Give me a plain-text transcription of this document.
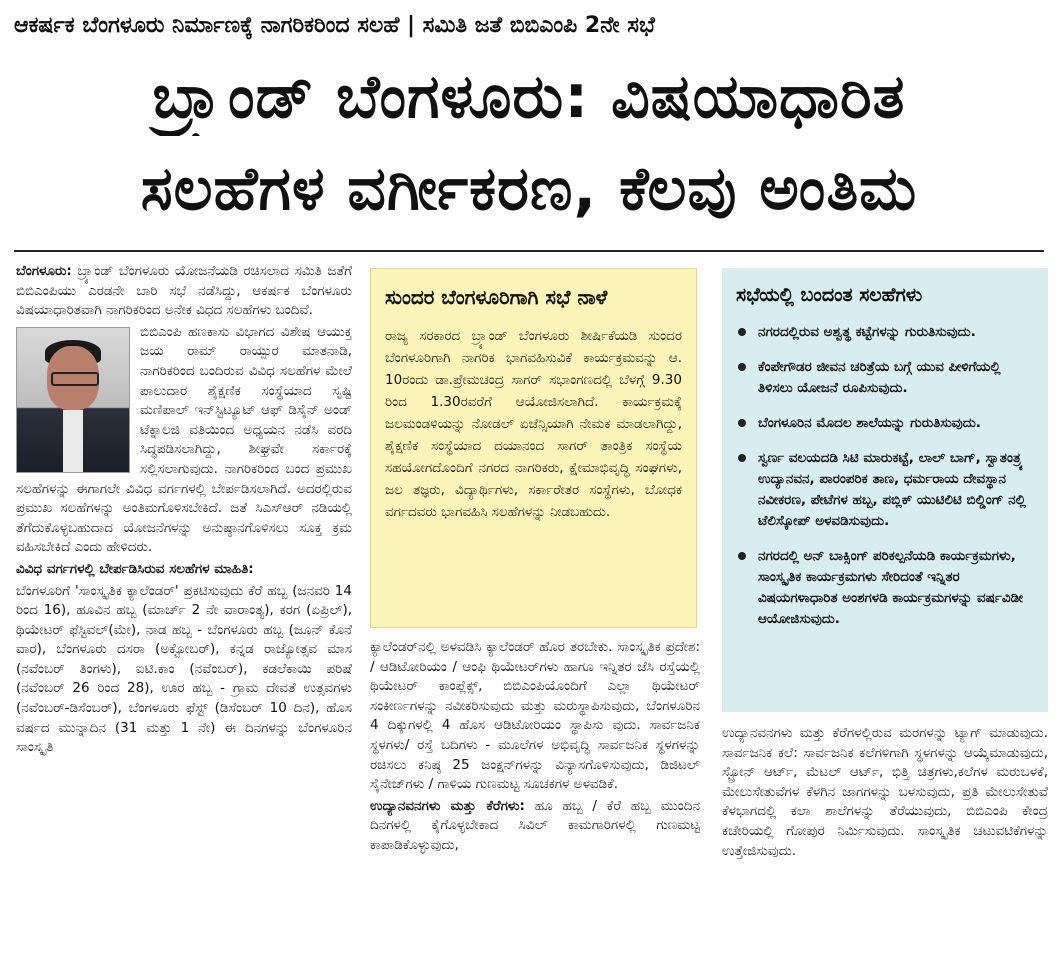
ಆಕರ್ಷಕ ಬೆಂಗಳೂರು ನಿರ್ಮಾಣಕ್ಕೆ ನಾಗರಿಕರಿಂದ ಸಲಹೆ | ಸಮಿತಿ ಜತೆ ಬಿಬಿಎಂಪಿ 2ನೇ ಸಭೆ
ಬ್ರ್ಯಾಂಡ್ ಬೆಂಗಳೂರು: ವಿಷಯಾಧಾರಿತ
ಸಲಹೆಗಳ ವರ್ಗೀಕರಣ, ಕೆಲವು ಅಂತಿಮ

ಬೆಂಗಳೂರು: ಬ್ರ್ಯಾಂಡ್ ಬೆಂಗಳೂರು ಯೋಜನೆಯಡಿ ರಚಿಸಲಾದ ಸಮಿತಿ ಜತೆಗೆ ಬಿಬಿಎಂಪಿಯು ಎರಡನೇ ಬಾರಿ ಸಭೆ ನಡೆಸಿದ್ದು, ಆಕರ್ಷಕ ಬೆಂಗಳೂರು ವಿಷಯಾಧಾರಿತವಾಗಿ ನಾಗರಿಕರಿಂದ ಅನೇಕ ವಿಧದ ಸಲಹೆಗಳು ಬಂದಿವೆ.

ಬಿಬಿಎಂಪಿ ಹಣಕಾಸು ವಿಭಾಗದ ವಿಶೇಷ ಆಯುಕ್ತ ಜಯ ರಾಮ್ ರಾಯ್ಪುರ ಮಾತನಾಡಿ, ನಾಗರಿಕರಿಂದ ಬಂದಿರುವ ವಿವಿಧ ಸಲಹೆಗಳ ಮೇಲೆ ಪಾಲುದಾರ ಶೈಕ್ಷಣಿಕ ಸಂಸ್ಥೆಯಾದ ಸೃಷ್ಟಿ ಮಣಿಪಾಲ್ ಇನ್‌ಸ್ಟಿಟ್ಯೂಟ್ ಆಫ್ ಡಿಸೈನ್ ಅಂಡ್ ಟೆಕ್ನಾಲಜಿ ವತಿಯಿಂದ ಅಧ್ಯಯನ ನಡೆಸಿ ವರದಿ ಸಿದ್ಧಪಡಿಸಲಾಗಿದ್ದು, ಶೀಘ್ರವೇ ಸರ್ಕಾರಕ್ಕೆ ಸಲ್ಲಿಸಲಾಗುವುದು. ನಾಗರಿಕರಿಂದ ಬಂದ ಪ್ರಮುಖ ಸಲಹೆಗಳನ್ನು ಈಗಾಗಲೇ ವಿವಿಧ ವರ್ಗಗಳಲ್ಲಿ ಬೇರ್ಪಡಿಸಲಾಗಿದೆ. ಅದರಲ್ಲಿರುವ ಪ್ರಮುಖ ಸಲಹೆಗಳನ್ನು ಅಂತಿಮಗೊಳಿಸಬೇಕಿದೆ. ಜತೆ ಸಿಎಸ್‌ಆರ್ ನಡಿಯಲ್ಲಿ ತೆಗೆದುಕೊಳ್ಳಬಹುದಾದ ಯೋಜನೆಗಳನ್ನು ಅನುಷ್ಠಾನಗೊಳಿಸಲು ಸೂಕ್ತ ಕ್ರಮ ವಹಿಸಬೇಕಿದೆ ಎಂದು ಹೇಳಿದರು.

ವಿವಿಧ ವರ್ಗಗಳಲ್ಲಿ ಬೇರ್ಪಡಿಸಿರುವ ಸಲಹೆಗಳ ಮಾಹಿತಿ:

ಬೆಂಗಳೂರಿಗೆ 'ಸಾಂಸ್ಕೃತಿಕ ಕ್ಯಾಲೆಂಡರ್' ಪ್ರಕಟಿಸುವುದು ಕೆರೆ ಹಬ್ಬ (ಜನವರಿ 14 ರಿಂದ 16), ಹೂವಿನ ಹಬ್ಬ (ಮಾರ್ಚ್ 2 ನೇ ವಾರಾಂತ್ಯ), ಕರಗ (ಏಪ್ರಿಲ್), ಥಿಯೇಟರ್ ಫೆಸ್ಟಿವಲ್(ಮೇ), ನಾಡ ಹಬ್ಬ - ಬೆಂಗಳೂರು ಹಬ್ಬ (ಜೂನ್ ಕೊನೆ ವಾರ), ಬೆಂಗಳೂರು ದಸರಾ (ಅಕ್ಟೋಬರ್), ಕನ್ನಡ ರಾಜ್ಯೋತ್ಸವ ಮಾಸ (ನವೆಂಬರ್ ತಿಂಗಳು), ಐಟಿ.ಕಾಂ (ನವೆಂಬರ್), ಕಡಲೆಕಾಯಿ ಪರಿಷೆ (ನವೆಂಬರ್ 26 ರಿಂದ 28), ಊರ ಹಬ್ಬ - ಗ್ರಾಮ ದೇವತೆ ಉತ್ಸವಗಳು (ನವೆಂಬರ್-ಡಿಸೆಂಬರ್), ಬೆಂಗಳೂರು ಫೆಸ್ಟ್ (ಡಿಸೆಂಬರ್ 10 ದಿನ), ಹೊಸ ವರ್ಷದ ಮುನ್ನಾದಿನ (31 ಮತ್ತು 1 ನೇ) ಈ ದಿನಗಳನ್ನು ಬೆಂಗಳೂರಿನ ಸಾಂಸ್ಕೃತಿ

ಸುಂದರ ಬೆಂಗಳೂರಿಗಾಗಿ ಸಭೆ ನಾಳೆ

ರಾಜ್ಯ ಸರಕಾರದ ಬ್ರ್ಯಾಂಡ್ ಬೆಂಗಳೂರು ಶೀರ್ಷಿಕೆಯಡಿ ಸುಂದರ ಬೆಂಗಳೂರಿಗಾಗಿ ನಾಗರಿಕ ಭಾಗವಹಿಸುವಿಕೆ ಕಾರ್ಯಕ್ರಮವನ್ನು ಆ. 10ರಂದು ಡಾ.ಪ್ರೇಮಚಂದ್ರ ಸಾಗರ್ ಸಭಾಂಗಣದಲ್ಲಿ ಬೆಳಗ್ಗೆ 9.30 ರಿಂದ 1.30ರವರೆಗೆ ಆಯೋಜಿಸಲಾಗಿದೆ. ಕಾರ್ಯಕ್ರಮಕ್ಕೆ ಜಲಮಂಡಳಿಯನ್ನು ನೋಡಲ್ ಏಜೆನ್ಸಿಯಾಗಿ ನೇಮಕ ಮಾಡಲಾಗಿದ್ದು, ಶೈಕ್ಷಣಿಕ ಸಂಸ್ಥೆಯಾದ ದಯಾನಂದ ಸಾಗರ್ ತಾಂತ್ರಿಕ ಸಂಸ್ಥೆಯ ಸಹಯೋಗದೊಂದಿಗೆ ನಗರದ ನಾಗರಿಕರು, ಕ್ಷೇಮಾಭಿವೃದ್ಧಿ ಸಂಘಗಳು, ಜಲ ತಜ್ಞರು, ವಿದ್ಯಾರ್ಥಿಗಳು, ಸರ್ಕಾರೇತರ ಸಂಸ್ಥೆಗಳು, ಬೋಧಕ ವರ್ಗದವರು ಭಾಗವಹಿಸಿ ಸಲಹೆಗಳನ್ನು ನೀಡಬಹುದು.

ಕ್ಯಾಲೆಂಡರ್‌ನಲ್ಲಿ ಅಳವಡಿಸಿ ಕ್ಯಾಲೆಂಡರ್ ಹೊರ ತರಬೇಕು. ಸಾಂಸ್ಕೃತಿಕ ಪ್ರದೇಶ: / ಆಡಿಟೋರಿಯಂ / ಆಂಫಿ ಥಿಯೇಟರ್‌ಗಳು ಹಾಗೂ ಇನ್ನಿತರ ಜೆಸಿ ರಸ್ತೆಯಲ್ಲಿ ಥಿಯೇಟರ್ ಕಾಂಪ್ಲೆಕ್ಸ್, ಬಿಬಿಎಂಪಿಯೊಂದಿಗೆ ಎಲ್ಲಾ ಥಿಯೇಟರ್ ಸಂಕೀರ್ಣಗಳನ್ನು ನವೀಕರಿಸುವುದು ಮತ್ತು ಮರುಸ್ಥಾಪಿಸುವುದು, ಬೆಂಗಳೂರಿನ 4 ದಿಕ್ಕುಗಳಲ್ಲಿ 4 ಹೊಸ ಆಡಿಟೋರಿಯಂ ಸ್ಥಾಪಿಸು ವುದು. ಸಾರ್ವಜನಿಕ ಸ್ಥಳಗಳು/ ರಸ್ತೆ ಬದಿಗಳು - ಮೂಲೆಗಳ ಅಭಿವೃದ್ಧಿ ಸಾರ್ವಜನಿಕ ಸ್ಥಳಗಳನ್ನು ರಚಿಸಲು ಕನಿಷ್ಠ 25 ಜಂಕ್ಷನ್‌ಗಳನ್ನು ವಿನ್ಯಾಸಗೊಳಿಸುವುದು, ಡಿಜಿಟಲ್ ಸೈನೇಜ್‌ಗಳು / ಗಾಳಿಯ ಗುಣಮಟ್ಟ ಸೂಚಕಗಳ ಅಳವಡಿಕೆ.

ಉದ್ಯಾನವನಗಳು ಮತ್ತು ಕೆರೆಗಳು: ಹೂ ಹಬ್ಬ / ಕೆರೆ ಹಬ್ಬ ಮುಂದಿನ ದಿನಗಳಲ್ಲಿ ಕೈಗೊಳ್ಳಬೇಕಾದ ಸಿವಿಲ್ ಕಾಮಗಾರಿಗಳಲ್ಲಿ ಗುಣಮಟ್ಟ ಕಾಪಾಡಿಕೊಳ್ಳುವುದು,

ಸಭೆಯಲ್ಲಿ ಬಂದಂತ ಸಲಹೆಗಳು

ನಗರದಲ್ಲಿರುವ ಅಶ್ವತ್ಥ ಕಟ್ಟೆಗಳನ್ನು ಗುರುತಿಸುವುದು.
ಕೆಂಪೇಗೌಡರ ಜೀವನ ಚರಿತ್ರೆಯ ಬಗ್ಗೆ ಯುವ ಪೀಳಿಗೆಯಲ್ಲಿ ತಿಳಿಸಲು ಯೋಜನೆ ರೂಪಿಸುವುದು.
ಬೆಂಗಳೂರಿನ ಮೊದಲ ಶಾಲೆಯನ್ನು ಗುರುತಿಸುವುದು.
ಸ್ವರ್ಣ ವಲಯದಡಿ ಸಿಟಿ ಮಾರುಕಟ್ಟೆ, ಲಾಲ್ ಬಾಗ್, ಸ್ವಾತಂತ್ರ್ಯ ಉದ್ಯಾನವನ, ಪಾರಂಪರಿಕ ತಾಣ, ಧರ್ಮರಾಯ ದೇವಸ್ಥಾನ ನವೀಕರಣ, ಪೇಟೆಗಳ ಹಬ್ಬ, ಪಬ್ಲಿಕ್ ಯುಟಿಲಿಟಿ ಬಿಲ್ಡಿಂಗ್ ನಲ್ಲಿ ಟೆಲಿಸ್ಕೋಪ್ ಅಳವಡಿಸುವುದು.
ನಗರದಲ್ಲಿ ಅನ್ ಬಾಕ್ಸಿಂಗ್ ಪರಿಕಲ್ಪನೆಯಡಿ ಕಾರ್ಯಕ್ರಮಗಳು, ಸಾಂಸ್ಕೃತಿಕ ಕಾರ್ಯಕ್ರಮಗಳು ಸೇರಿದಂತೆ ಇನ್ನಿತರ ವಿಷಯಗಳಾಧಾರಿತ ಅಂಶಗಳಡಿ ಕಾರ್ಯಕ್ರಮಗಳನ್ನು ವರ್ಷವಿಡೀ ಆಯೋಜಿಸುವುದು.

ಉದ್ಯಾನವನಗಳು ಮತ್ತು ಕೆರೆಗಳಲ್ಲಿರುವ ಮರಗಳನ್ನು ಟ್ಯಾಗ್ ಮಾಡುವುದು. ಸಾರ್ವಜನಿಕ ಕಲೆ: ಸಾರ್ವಜನಿಕ ಕಲೆಗಳಿಗಾಗಿ ಸ್ಥಳಗಳನ್ನು ಆಯ್ಕೆಮಾಡುವುದು, ಸ್ಟ್ರೋನ್ ಆರ್ಟ್, ಮೆಟಲ್ ಆರ್ಟ್, ಭಿತ್ತಿ ಚಿತ್ರಗಳು,ಕಲೆಗಳ ಮರುಬಳಕೆ, ಮೇಲುಸೇತುವೆಗಳ ಕೆಳಗಿನ ಜಾಗಗಳನ್ನು ಬಳಸುವುದು, ಪ್ರತಿ ಮೇಲುಸೇತುವೆ ಕೆಳಭಾಗದಲ್ಲಿ ಕಲಾ ಶಾಲೆಗಳನ್ನು ತೆರೆಯುವುದು, ಬಿಬಿಎಂಪಿ ಕೇಂದ್ರ ಕಚೇರಿಯಲ್ಲಿ ಗೋಪುರ ನಿರ್ಮಿಸುವುದು. ಸಾಂಸ್ಕೃತಿಕ ಚಟುವಟಿಕೆಗಳನ್ನು ಉತ್ತೇಜಿಸುವುದು.
